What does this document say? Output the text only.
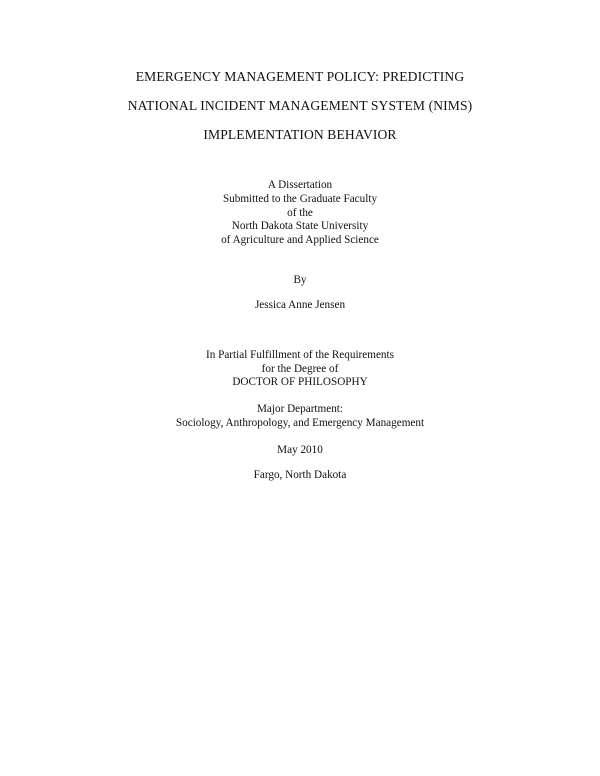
EMERGENCY MANAGEMENT POLICY: PREDICTING
NATIONAL INCIDENT MANAGEMENT SYSTEM (NIMS)
IMPLEMENTATION BEHAVIOR
A Dissertation
Submitted to the Graduate Faculty
of the
North Dakota State University
of Agriculture and Applied Science
By
Jessica Anne Jensen
In Partial Fulfillment of the Requirements
for the Degree of
DOCTOR OF PHILOSOPHY
Major Department:
Sociology, Anthropology, and Emergency Management
May 2010
Fargo, North Dakota
